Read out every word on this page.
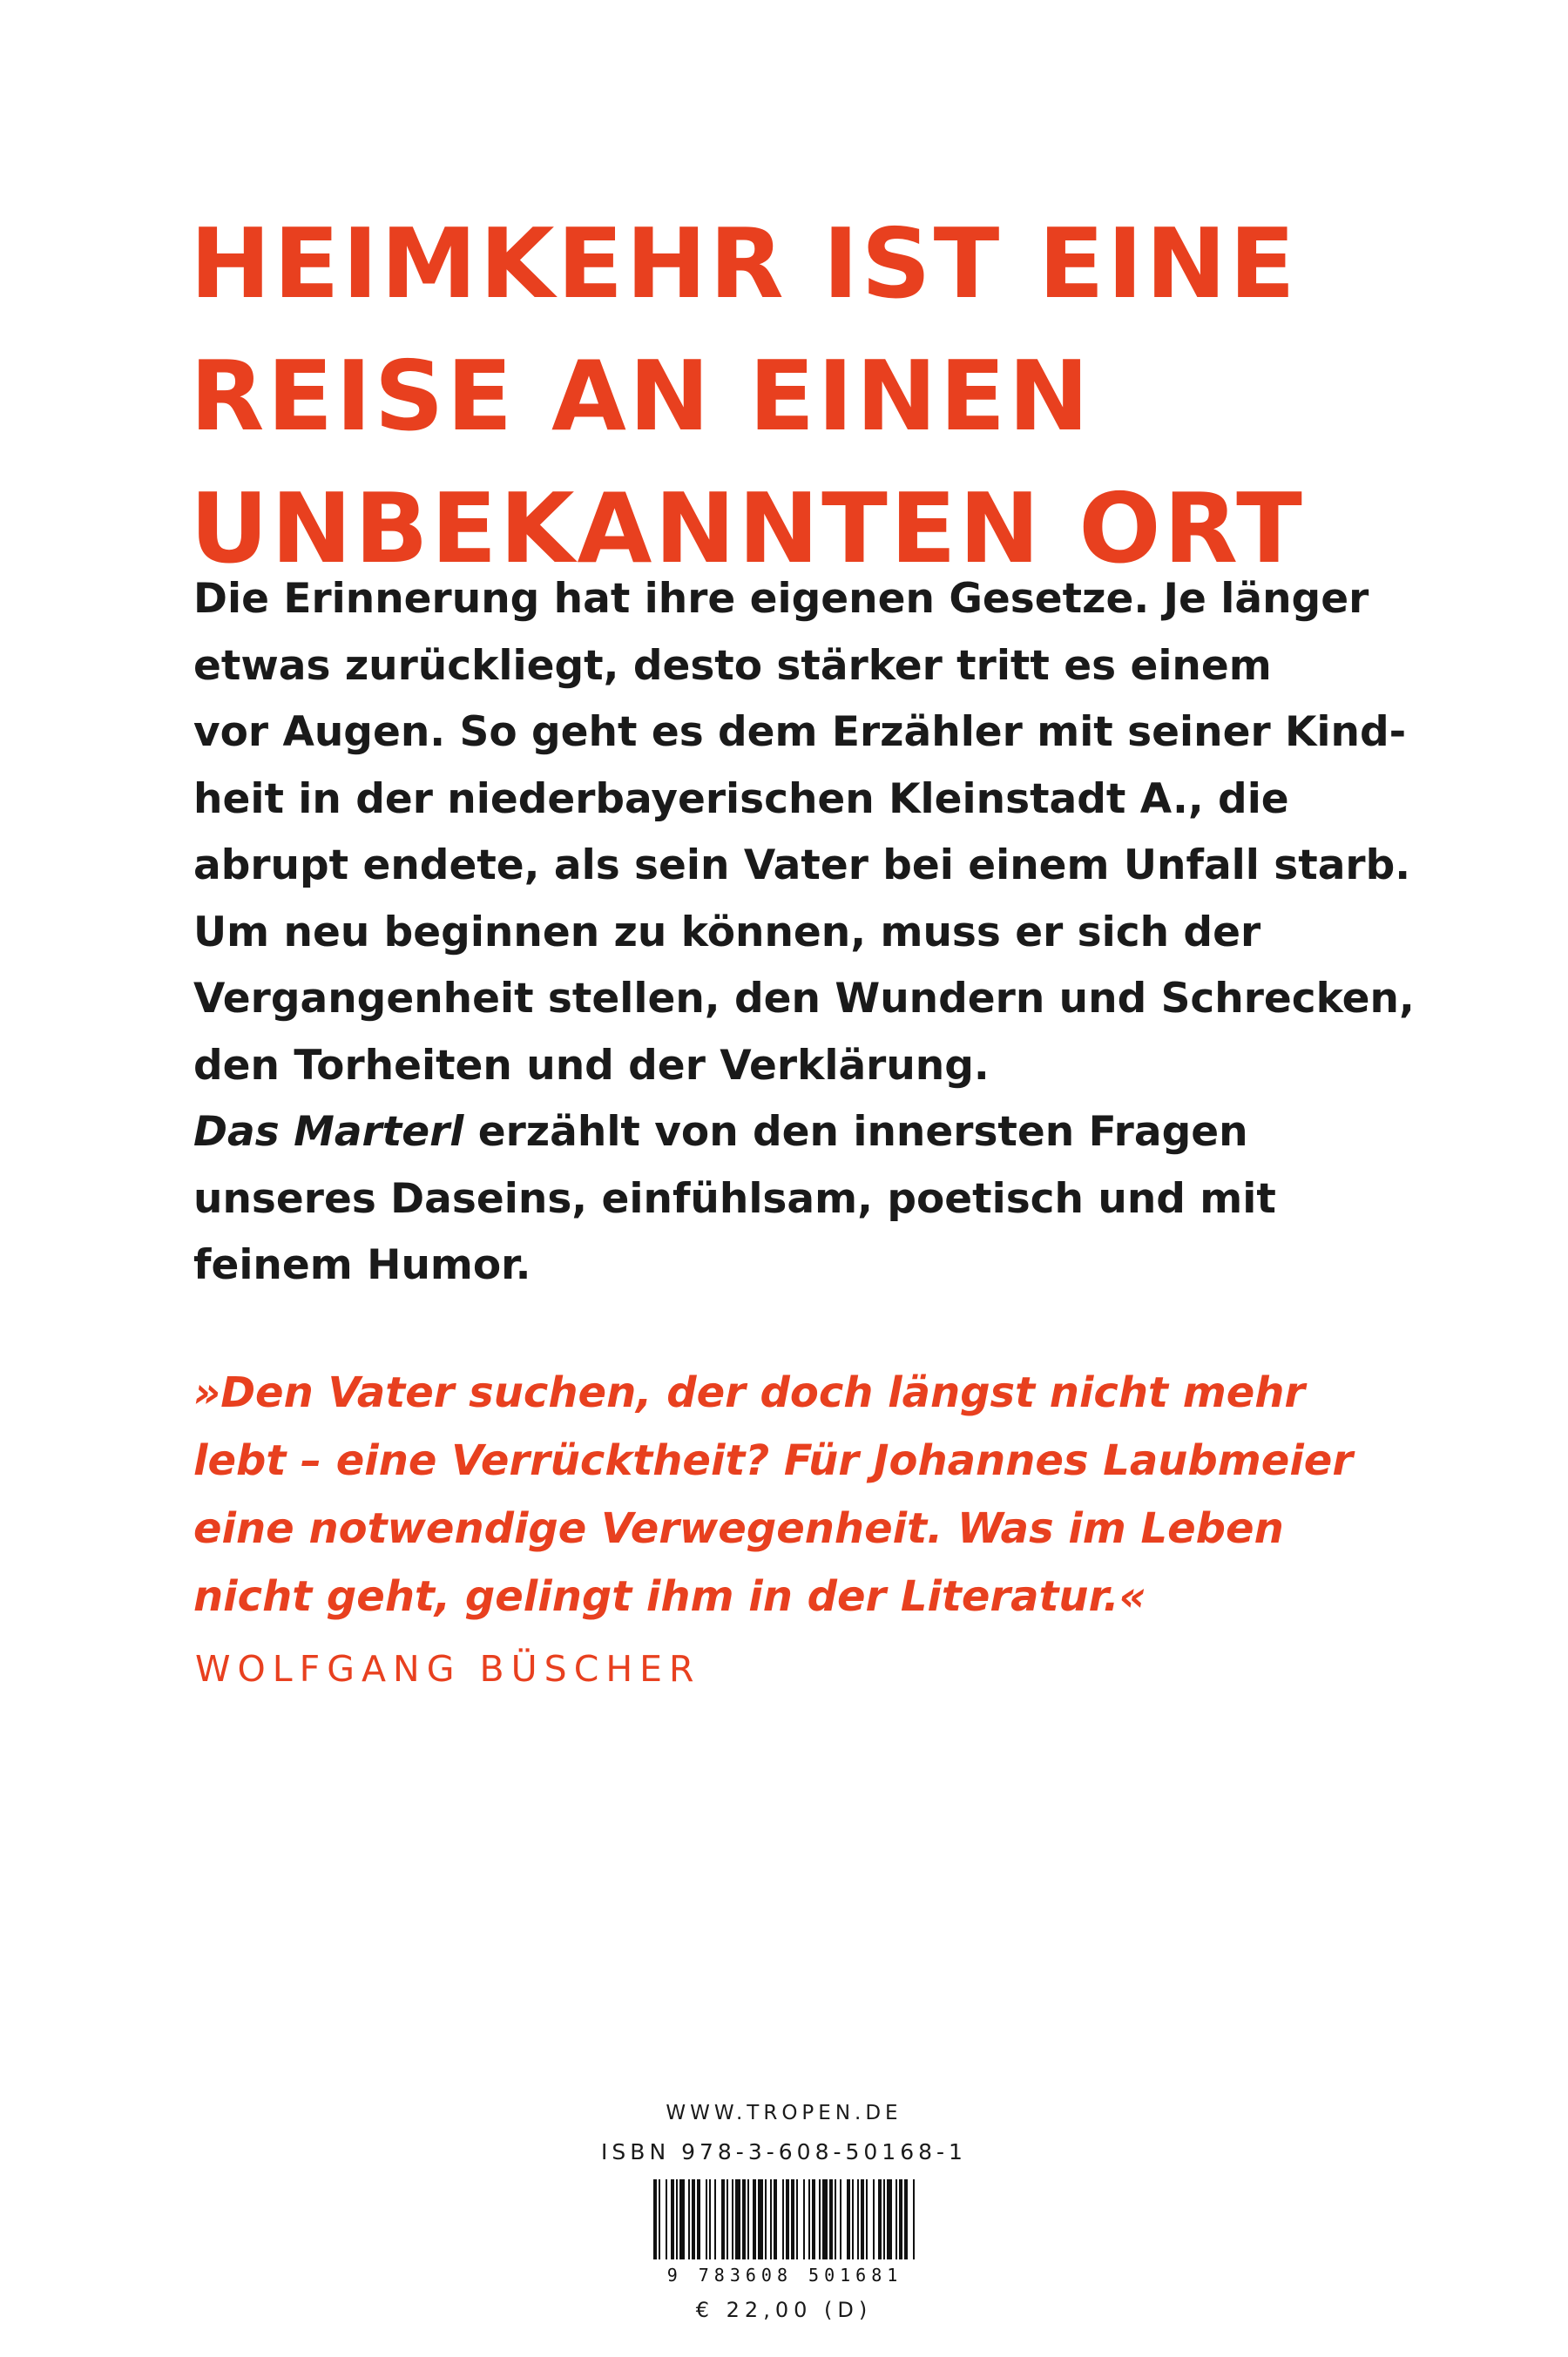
HEIMKEHR IST EINE
REISE AN EINEN
UNBEKANNTEN ORT
Die Erinnerung hat ihre eigenen Gesetze. Je länger
etwas zurückliegt, desto stärker tritt es einem
vor Augen. So geht es dem Erzähler mit seiner Kind-
heit in der niederbayerischen Kleinstadt A., die
abrupt endete, als sein Vater bei einem Unfall starb.
Um neu beginnen zu können, muss er sich der
Vergangenheit stellen, den Wundern und Schrecken,
den Torheiten und der Verklärung.
Das Marterl erzählt von den innersten Fragen
unseres Daseins, einfühlsam, poetisch und mit
feinem Humor.
»Den Vater suchen, der doch längst nicht mehr
lebt – eine Verrücktheit? Für Johannes Laubmeier
eine notwendige Verwegenheit. Was im Leben
nicht geht, gelingt ihm in der Literatur.«
WOLFGANG BÜSCHER
WWW.TROPEN.DE
ISBN 978-3-608-50168-1
9 783608 501681
€ 22,00 (D)
